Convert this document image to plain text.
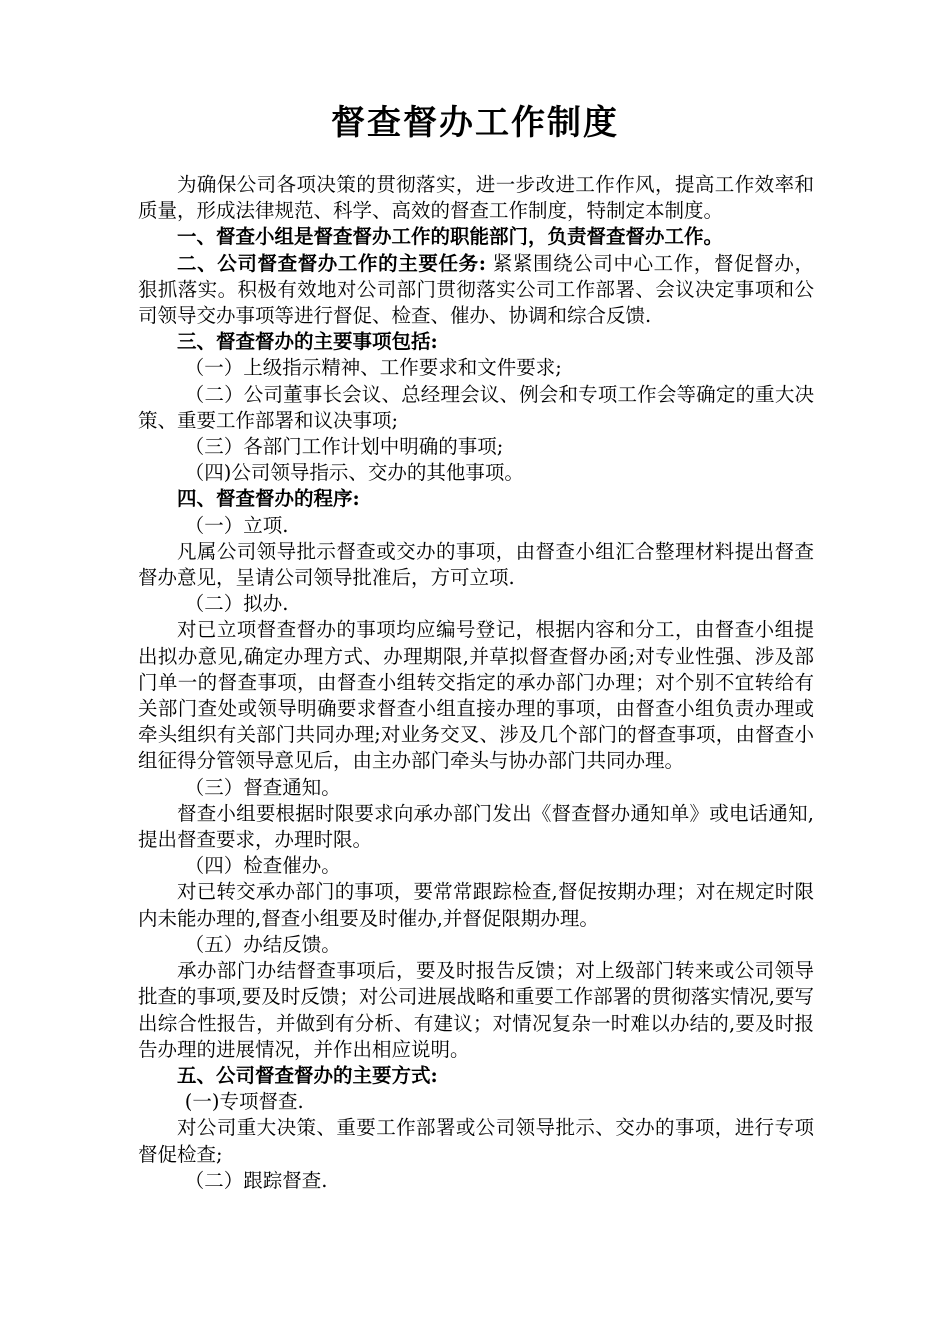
督查督办工作制度

为确保公司各项决策的贯彻落实，进一步改进工作作风，提高工作效率和质量，形成法律规范、科学、高效的督查工作制度，特制定本制度。

一、督查小组是督查督办工作的职能部门，负责督查督办工作。

二、公司督查督办工作的主要任务: 紧紧围绕公司中心工作，督促督办，狠抓落实。积极有效地对公司部门贯彻落实公司工作部署、会议决定事项和公司领导交办事项等进行督促、检查、催办、协调和综合反馈.

三、督查督办的主要事项包括:

（一）上级指示精神、工作要求和文件要求;

（二）公司董事长会议、总经理会议、例会和专项工作会等确定的重大决策、重要工作部署和议决事项;

（三）各部门工作计划中明确的事项;

（四)公司领导指示、交办的其他事项。

四、督查督办的程序:

（一）立项.

凡属公司领导批示督查或交办的事项，由督查小组汇合整理材料提出督查督办意见，呈请公司领导批准后，方可立项.

（二）拟办.

对已立项督查督办的事项均应编号登记，根据内容和分工，由督查小组提出拟办意见,确定办理方式、办理期限,并草拟督查督办函;对专业性强、涉及部门单一的督查事项，由督查小组转交指定的承办部门办理；对个别不宜转给有关部门查处或领导明确要求督查小组直接办理的事项，由督查小组负责办理或牵头组织有关部门共同办理;对业务交叉、涉及几个部门的督查事项，由督查小组征得分管领导意见后，由主办部门牵头与协办部门共同办理。

（三）督查通知。

督查小组要根据时限要求向承办部门发出《督查督办通知单》或电话通知,提出督查要求，办理时限。

（四）检查催办。

对已转交承办部门的事项，要常常跟踪检查,督促按期办理；对在规定时限内未能办理的,督查小组要及时催办,并督促限期办理。

（五）办结反馈。

承办部门办结督查事项后，要及时报告反馈；对上级部门转来或公司领导批查的事项,要及时反馈；对公司进展战略和重要工作部署的贯彻落实情况,要写出综合性报告，并做到有分析、有建议；对情况复杂一时难以办结的,要及时报告办理的进展情况，并作出相应说明。

五、公司督查督办的主要方式:

(一)专项督查.

对公司重大决策、重要工作部署或公司领导批示、交办的事项，进行专项督促检查;

（二）跟踪督查.
